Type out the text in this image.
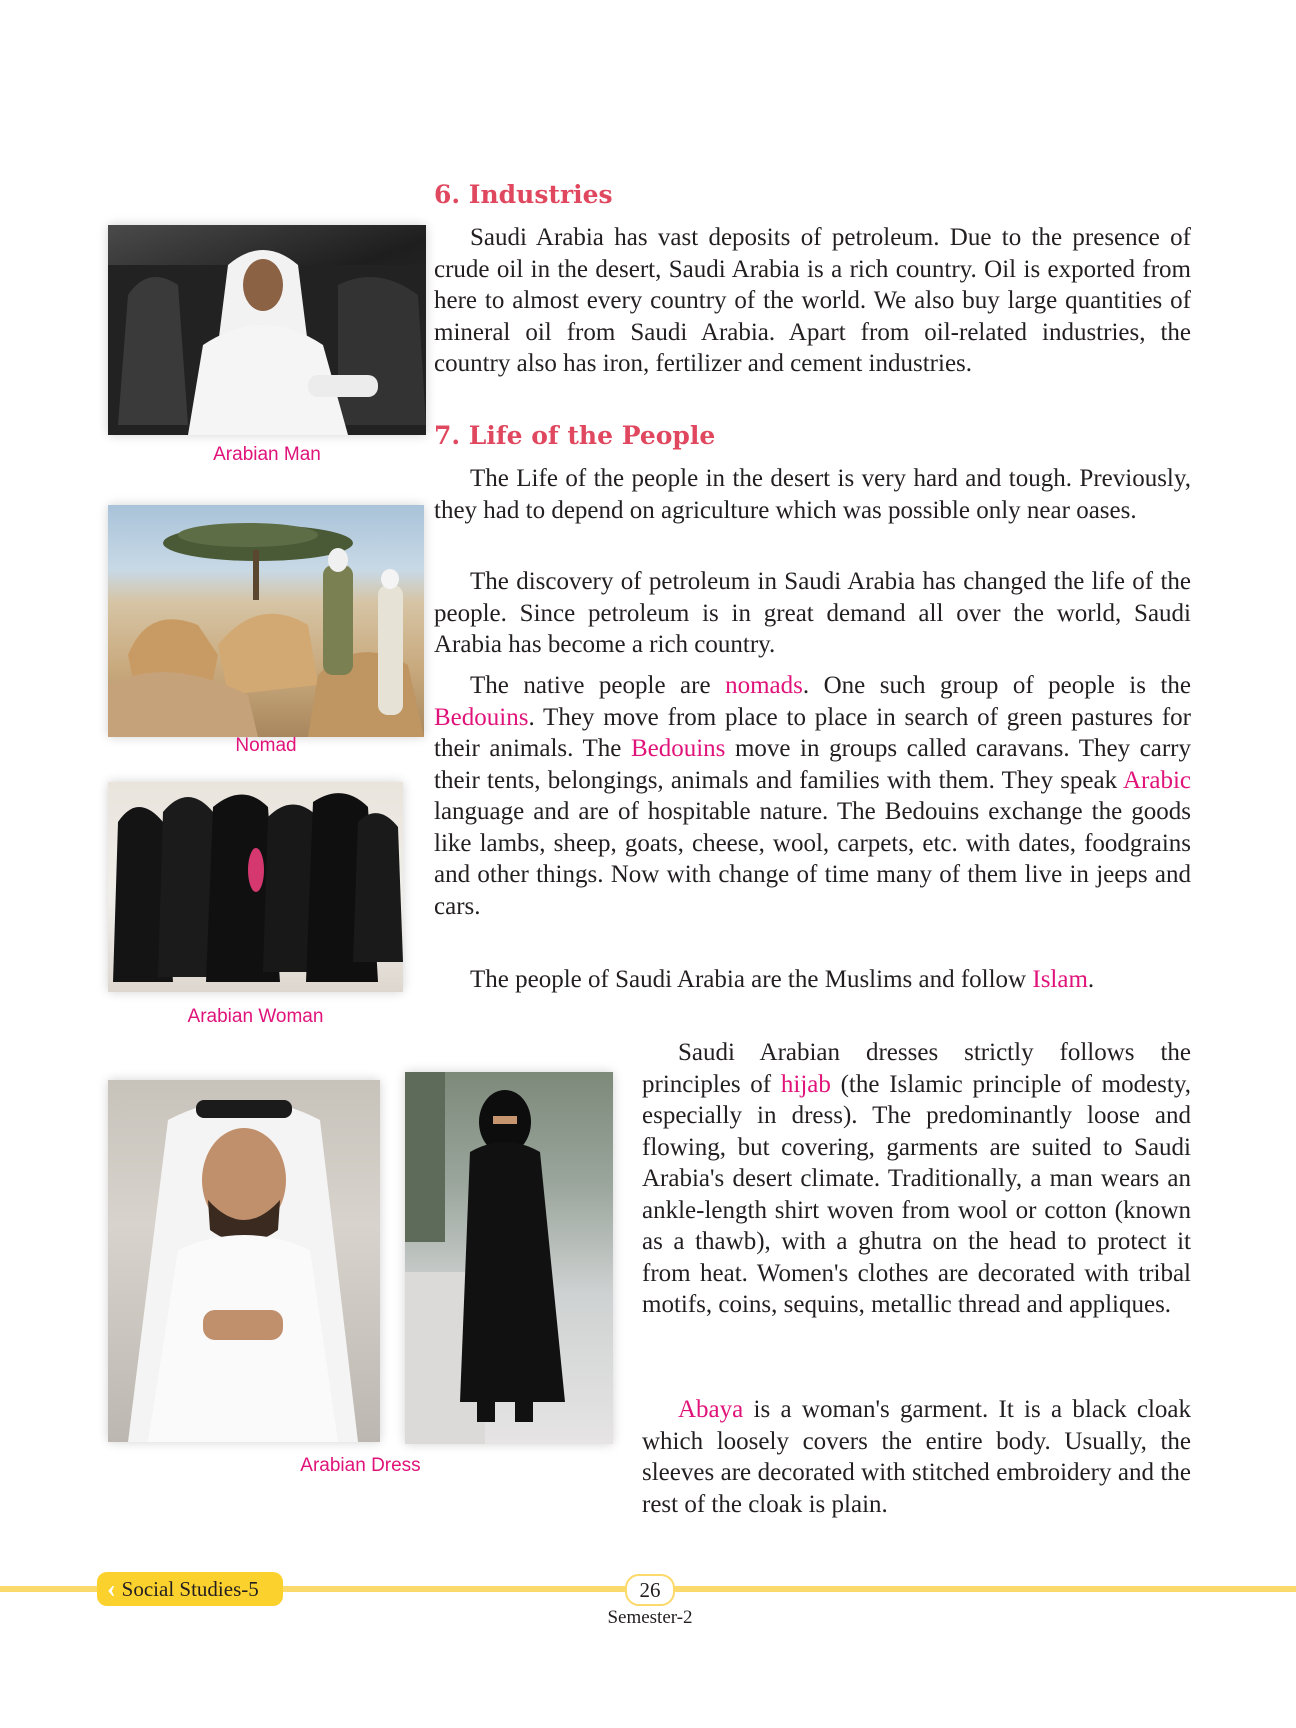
6. Industries

Saudi Arabia has vast deposits of petroleum. Due to the presence of crude oil in the desert, Saudi Arabia is a rich country. Oil is exported from here to almost every country of the world. We also buy large quantities of mineral oil from Saudi Arabia. Apart from oil-related industries, the country also has iron, fertilizer and cement industries.

7. Life of the People

The Life of the people in the desert is very hard and tough. Previously, they had to depend on agriculture which was possible only near oases.

The discovery of petroleum in Saudi Arabia has changed the life of the people. Since petroleum is in great demand all over the world, Saudi Arabia has become a rich country.

The native people are nomads. One such group of people is the Bedouins. They move from place to place in search of green pastures for their animals. The Bedouins move in groups called caravans. They carry their tents, belongings, animals and families with them. They speak Arabic language and are of hospitable nature. The Bedouins exchange the goods like lambs, sheep, goats, cheese, wool, carpets, etc. with dates, foodgrains and other things. Now with change of time many of them live in jeeps and cars.

The people of Saudi Arabia are the Muslims and follow Islam.

Saudi Arabian dresses strictly follows the principles of hijab (the Islamic principle of modesty, especially in dress). The predominantly loose and flowing, but covering, garments are suited to Saudi Arabia's desert climate. Traditionally, a man wears an ankle-length shirt woven from wool or cotton (known as a thawb), with a ghutra on the head to protect it from heat. Women's clothes are decorated with tribal motifs, coins, sequins, metallic thread and appliques.

Abaya is a woman's garment. It is a black cloak which loosely covers the entire body. Usually, the sleeves are decorated with stitched embroidery and the rest of the cloak is plain.

Arabian Man

Nomad

Arabian Woman

Arabian Dress

‹ Social Studies-5	26
Semester-2
